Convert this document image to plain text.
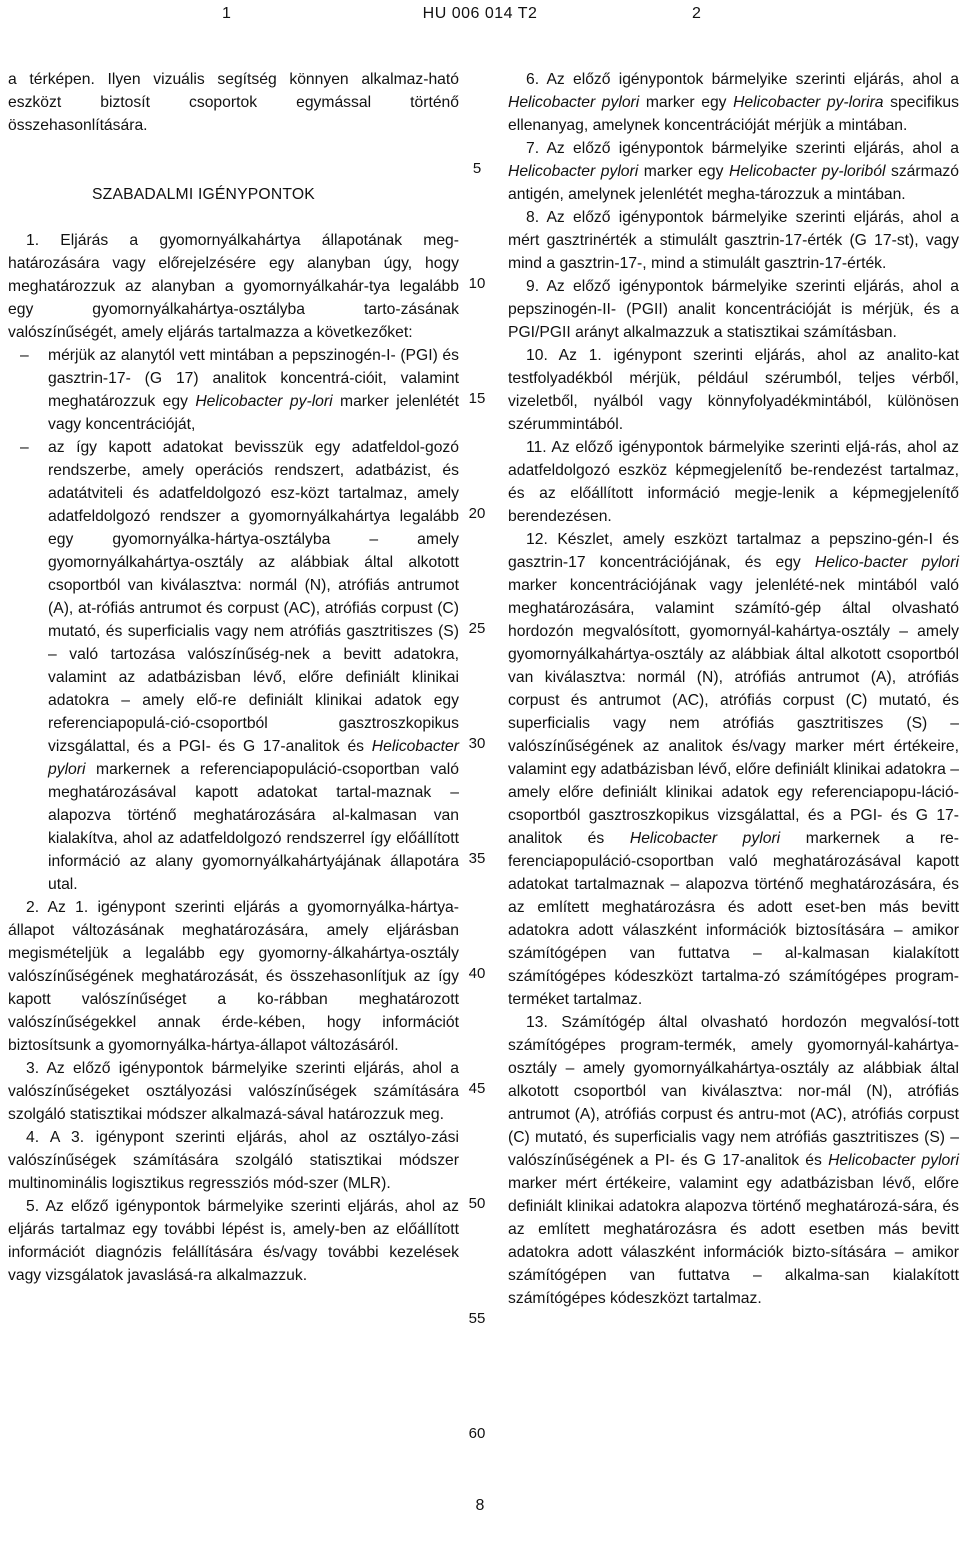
1	HU 006 014 T2	2

a térképen. Ilyen vizuális segítség könnyen alkalmaz-ható eszközt biztosít csoportok egymással történő összehasonlítására.

SZABADALMI IGÉNYPONTOK

1. Eljárás a gyomornyálkahártya állapotának meg-határozására vagy előrejelzésére egy alanyban úgy, hogy meghatározzuk az alanyban a gyomornyálkahár-tya legalább egy gyomornyálkahártya-osztályba tarto-zásának valószínűségét, amely eljárás tartalmazza a következőket:

– mérjük az alanytól vett mintában a pepszinogén-I- (PGI) és gasztrin-17- (G 17) analitok koncentrá-cióit, valamint meghatározzuk egy Helicobacter py-lori marker jelenlétét vagy koncentrációját,

– az így kapott adatokat bevisszük egy adatfeldol-gozó rendszerbe, amely operációs rendszert, adatbázist, és adatátviteli és adatfeldolgozó esz-közt tartalmaz, amely adatfeldolgozó rendszer a gyomornyálkahártya legalább egy gyomornyálka-hártya-osztályba – amely gyomornyálkahártya-osztály az alábbiak által alkotott csoportból van kiválasztva: normál (N), atrófiás antrumot (A), at-rófiás antrumot és corpust (AC), atrófiás corpust (C) mutató, és superficialis vagy nem atrófiás gasztritiszes (S) – való tartozása valószínűség-nek a bevitt adatokra, valamint az adatbázisban lévő, előre definiált klinikai adatokra – amely elő-re definiált klinikai adatok egy referenciapopulá-ció-csoportból gasztroszkopikus vizsgálattal, és a PGI- és G 17-analitok és Helicobacter pylori markernek a referenciapopuláció-csoportban való meghatározásával kapott adatokat tartal-maznak – alapozva történő meghatározására al-kalmasan van kialakítva, ahol az adatfeldolgozó rendszerrel így előállított információ az alany gyomornyálkahártyájának állapotára utal.

2. Az 1. igénypont szerinti eljárás a gyomornyálka-hártya-állapot változásának meghatározására, amely eljárásban megismételjük a legalább egy gyomorny-álkahártya-osztály valószínűségének meghatározását, és összehasonlítjuk az így kapott valószínűséget a ko-rábban meghatározott valószínűségekkel annak érde-kében, hogy információt biztosítsunk a gyomornyálka-hártya-állapot változásáról.

3. Az előző igénypontok bármelyike szerinti eljárás, ahol a valószínűségeket osztályozási valószínűségek számítására szolgáló statisztikai módszer alkalmazá-sával határozzuk meg.

4. A 3. igénypont szerinti eljárás, ahol az osztályo-zási valószínűségek számítására szolgáló statisztikai módszer multinominális logisztikus regressziós mód-szer (MLR).

5. Az előző igénypontok bármelyike szerinti eljárás, ahol az eljárás tartalmaz egy további lépést is, amely-ben az előállított információt diagnózis felállítására és/vagy további kezelések vagy vizsgálatok javaslásá-ra alkalmazzuk.

5
10
15
20
25
30
35
40
45
50
55
60

6. Az előző igénypontok bármelyike szerinti eljárás, ahol a Helicobacter pylori marker egy Helicobacter py-lorira specifikus ellenanyag, amelynek koncentrációját mérjük a mintában.

7. Az előző igénypontok bármelyike szerinti eljárás, ahol a Helicobacter pylori marker egy Helicobacter py-loriból származó antigén, amelynek jelenlétét megha-tározzuk a mintában.

8. Az előző igénypontok bármelyike szerinti eljárás, ahol a mért gasztrinérték a stimulált gasztrin-17-érték (G 17-st), vagy mind a gasztrin-17-, mind a stimulált gasztrin-17-érték.

9. Az előző igénypontok bármelyike szerinti eljárás, ahol a pepszinogén-II- (PGII) analit koncentrációját is mérjük, és a PGI/PGII arányt alkalmazzuk a statisztikai számításban.

10. Az 1. igénypont szerinti eljárás, ahol az analito-kat testfolyadékból mérjük, például szérumból, teljes vérből, vizeletből, nyálból vagy könnyfolyadékmintából, különösen szérummintából.

11. Az előző igénypontok bármelyike szerinti eljá-rás, ahol az adatfeldolgozó eszköz képmegjelenítő be-rendezést tartalmaz, és az előállított információ megje-lenik a képmegjelenítő berendezésen.

12. Készlet, amely eszközt tartalmaz a pepszino-gén-I és gasztrin-17 koncentrációjának, és egy Helico-bacter pylori marker koncentrációjának vagy jelenlété-nek mintából való meghatározására, valamint számító-gép által olvasható hordozón megvalósított, gyomornyál-kahártya-osztály – amely gyomornyálkahártya-osztály az alábbiak által alkotott csoportból van kiválasztva: normál (N), atrófiás antrumot (A), atrófiás corpust és antrumot (AC), atrófiás corpust (C) mutató, és superficialis vagy nem atrófiás gasztritiszes (S) – valószínűségének az analitok és/vagy marker mért értékeire, valamint egy adatbázisban lévő, előre definiált klinikai adatokra – amely előre definiált klinikai adatok egy referenciapopu-láció-csoportból gasztroszkopikus vizsgálattal, és a PGI- és G 17-analitok és Helicobacter pylori markernek a re-ferenciapopuláció-csoportban való meghatározásával kapott adatokat tartalmaznak – alapozva történő meghatározására, és az említett meghatározásra és adott eset-ben más bevitt adatokra adott válaszként információk biztosítására – amikor számítógépen van futtatva – al-kalmasan kialakított számítógépes kódeszközt tartalma-zó számítógépes program-terméket tartalmaz.

13. Számítógép által olvasható hordozón megvalósí-tott számítógépes program-termék, amely gyomornyál-kahártya-osztály – amely gyomornyálkahártya-osztály az alábbiak által alkotott csoportból van kiválasztva: nor-mál (N), atrófiás antrumot (A), atrófiás corpust és antru-mot (AC), atrófiás corpust (C) mutató, és superficialis vagy nem atrófiás gasztritiszes (S) – valószínűségének a PI- és G 17-analitok és Helicobacter pylori marker mért értékeire, valamint egy adatbázisban lévő, előre definiált klinikai adatokra alapozva történő meghatározá-sára, és az említett meghatározásra és adott esetben más bevitt adatokra adott válaszként információk bizto-sítására – amikor számítógépen van futtatva – alkalma-san kialakított számítógépes kódeszközt tartalmaz.

8
